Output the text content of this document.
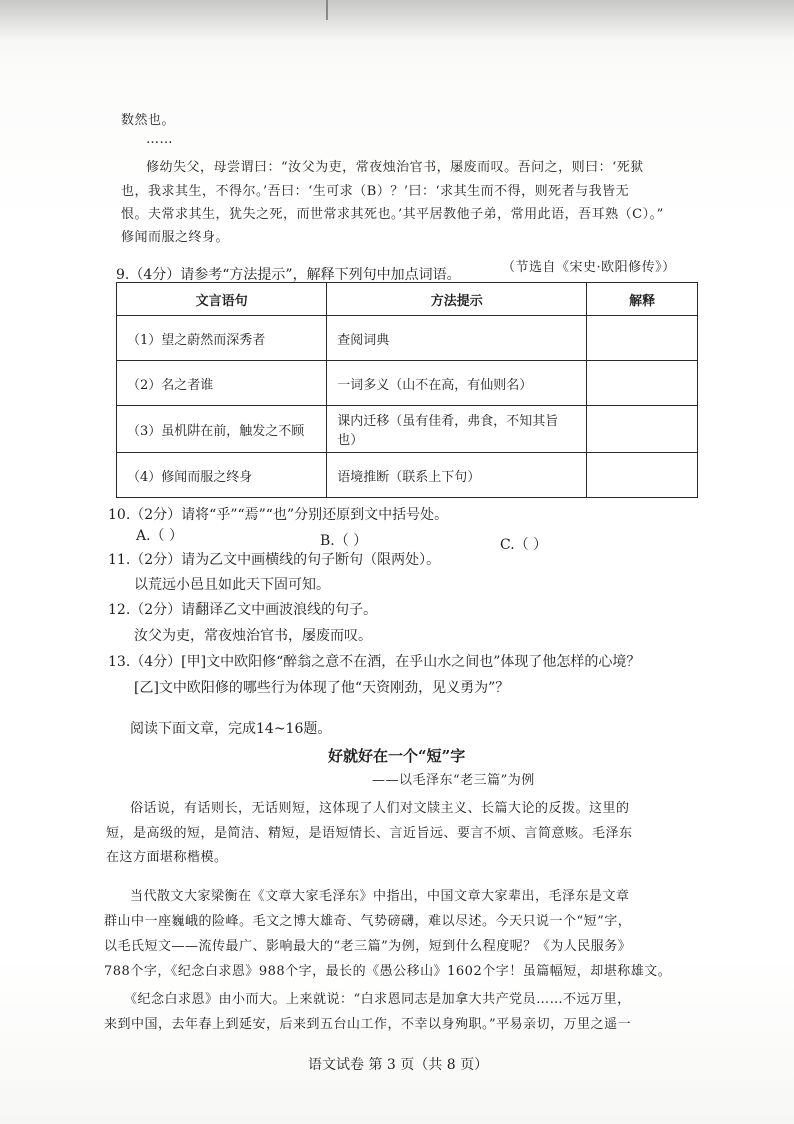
数然也。
……
修幼失父，母尝谓曰：“汝父为吏，常夜烛治官书，屡废而叹。吾问之，则曰：‘死狱
也，我求其生，不得尔。’吾曰：‘生可求（B）？’曰：‘求其生而不得，则死者与我皆无
恨。夫常求其生，犹失之死，而世常求其死也。’其平居教他子弟，常用此语，吾耳熟（C）。”
修闻而服之终身。
（节选自《宋史·欧阳修传》）
9.（4分）请参考“方法提示”，解释下列句中加点词语。
文言语句	方法提示	解释
（1）望之蔚然而深秀者	查阅词典	
（2）名之者谁	一词多义（山不在高，有仙则名）	
（3）虽机阱在前，触发之不顾	课内迁移（虽有佳肴，弗食，不知其旨也）	
（4）修闻而服之终身	语境推断（联系上下句）	
10.（2分）请将“乎”“焉”“也”分别还原到文中括号处。
A.（ ）	B.（ ）	C.（ ）
11.（2分）请为乙文中画横线的句子断句（限两处）。
以荒远小邑且如此天下固可知。
12.（2分）请翻译乙文中画波浪线的句子。
汝父为吏，常夜烛治官书，屡废而叹。
13.（4分）[甲]文中欧阳修“醉翁之意不在酒，在乎山水之间也”体现了他怎样的心境？
[乙]文中欧阳修的哪些行为体现了他“天资刚劲，见义勇为”？
阅读下面文章，完成14~16题。
好就好在一个“短”字
——以毛泽东“老三篇”为例
俗话说，有话则长，无话则短，这体现了人们对文牍主义、长篇大论的反拨。这里的
短，是高级的短，是简洁、精短，是语短情长、言近旨远、要言不烦、言简意赅。毛泽东
在这方面堪称楷模。
当代散文大家梁衡在《文章大家毛泽东》中指出，中国文章大家辈出，毛泽东是文章
群山中一座巍峨的险峰。毛文之博大雄奇、气势磅礴，难以尽述。今天只说一个“短”字，
以毛氏短文——流传最广、影响最大的“老三篇”为例，短到什么程度呢？《为人民服务》
788个字，《纪念白求恩》988个字，最长的《愚公移山》1602个字！虽篇幅短，却堪称雄文。
《纪念白求恩》由小而大。上来就说：“白求恩同志是加拿大共产党员……不远万里，
来到中国，去年春上到延安，后来到五台山工作，不幸以身殉职。”平易亲切，万里之遥一
语文试卷 第 3 页（共 8 页）
